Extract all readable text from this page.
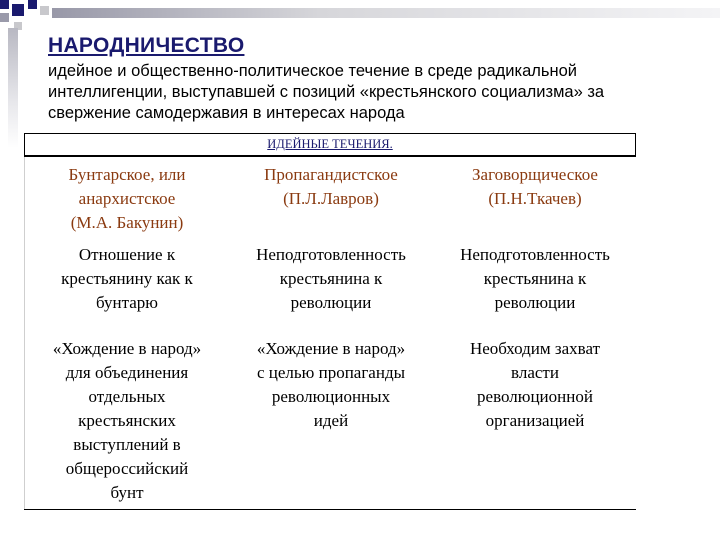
НАРОДНИЧЕСТВО
идейное и общественно-политическое течение в среде радикальной
интеллигенции, выступавшей с позиций «крестьянского социализма» за
свержение самодержавия в интересах народа
ИДЕЙНЫЕ ТЕЧЕНИЯ.
Бунтарское, или
анархистское
(М.А. Бакунин)
Пропагандистское
(П.Л.Лавров)
Заговорщическое
(П.Н.Ткачев)
Отношение к
крестьянину как к
бунтарю
Неподготовленность
крестьянина к
революции
Неподготовленность
крестьянина к
революции
«Хождение в народ»
для объединения
отдельных
крестьянских
выступлений в
общероссийский
бунт
«Хождение в народ»
с целью пропаганды
революционных
идей
Необходим захват
власти
революционной
организацией
